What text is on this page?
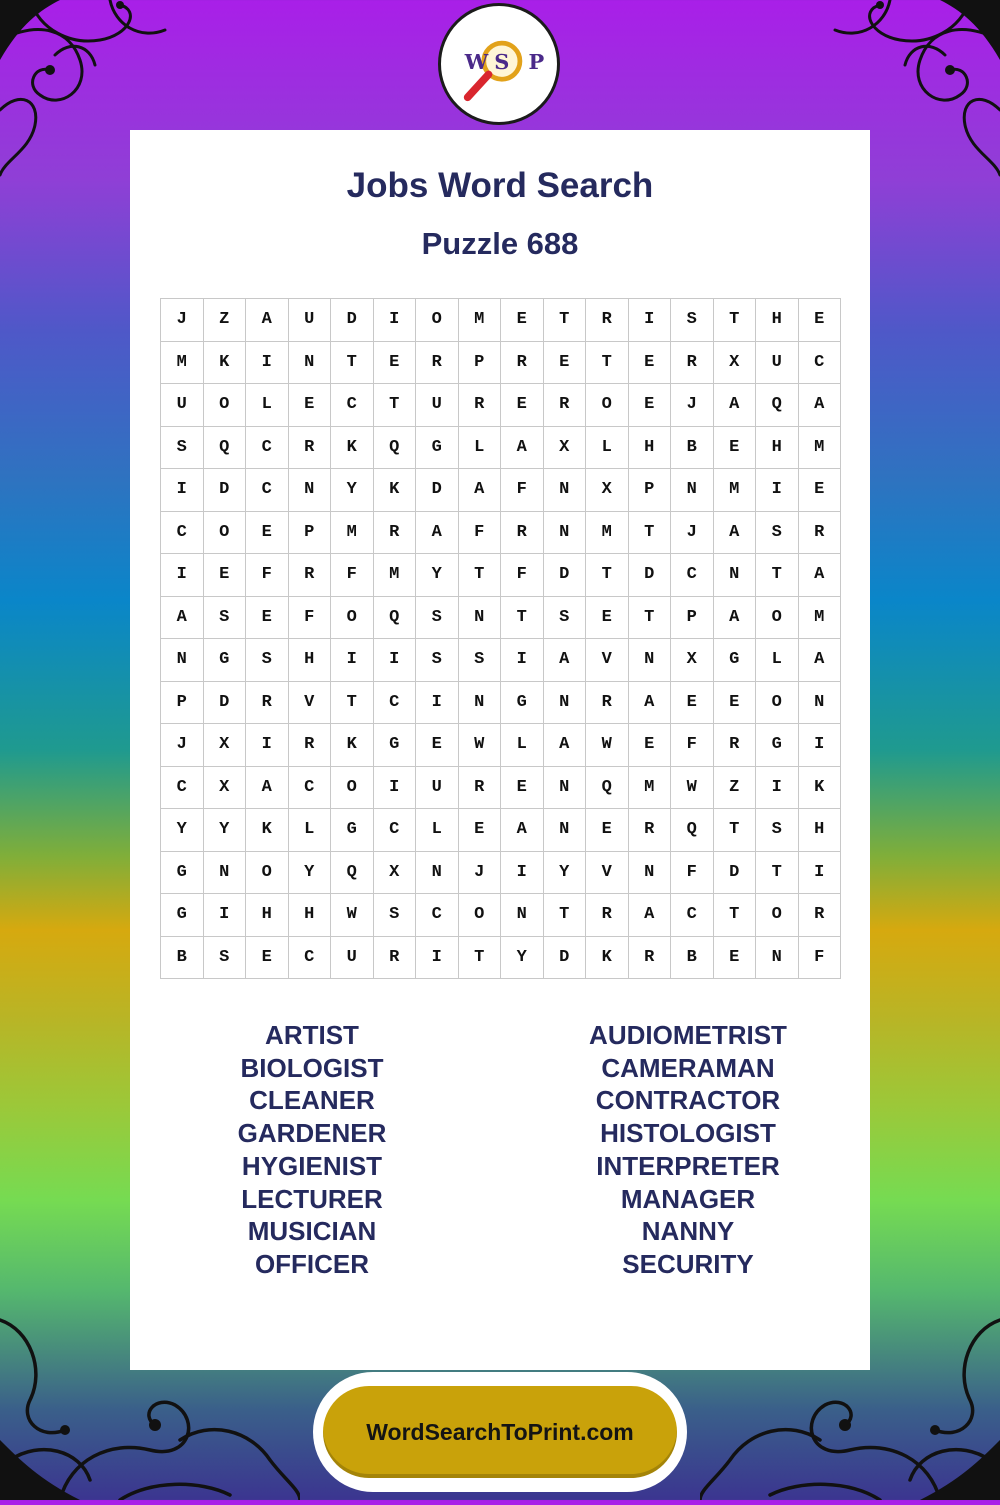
W S P
Jobs Word Search
Puzzle 688
J	Z	A	U	D	I	O	M	E	T	R	I	S	T	H	E
M	K	I	N	T	E	R	P	R	E	T	E	R	X	U	C
U	O	L	E	C	T	U	R	E	R	О	E	J	A	Q	A
S	Q	C	R	K	Q	G	L	A	X	L	H	B	E	H	M
I	D	C	N	Y	K	D	A	F	N	X	P	N	M	I	E
C	O	E	P	M	R	A	F	R	N	M	T	J	A	S	R
I	E	F	R	F	M	Y	T	F	D	T	D	C	N	T	A
A	S	E	F	O	Q	S	N	T	S	E	T	P	A	O	M
N	G	S	H	I	I	S	S	I	A	V	N	X	G	L	A
P	D	R	V	T	C	I	N	G	N	R	A	E	E	O	N
J	X	I	R	K	G	E	W	L	A	W	E	F	R	G	I
C	X	A	C	O	I	U	R	E	N	Q	M	W	Z	I	K
Y	Y	K	L	G	C	L	E	A	N	E	R	Q	T	S	H
G	N	O	Y	Q	X	N	J	I	Y	V	N	F	D	T	I
G	I	H	H	W	S	C	O	N	T	R	A	C	T	O	R
B	S	E	C	U	R	I	T	Y	D	K	R	B	E	N	F
ARTIST
BIOLOGIST
CLEANER
GARDENER
HYGIENIST
LECTURER
MUSICIAN
OFFICER
AUDIOMETRIST
CAMERAMAN
CONTRACTOR
HISTOLOGIST
INTERPRETER
MANAGER
NANNY
SECURITY
WordSearchToPrint.com
